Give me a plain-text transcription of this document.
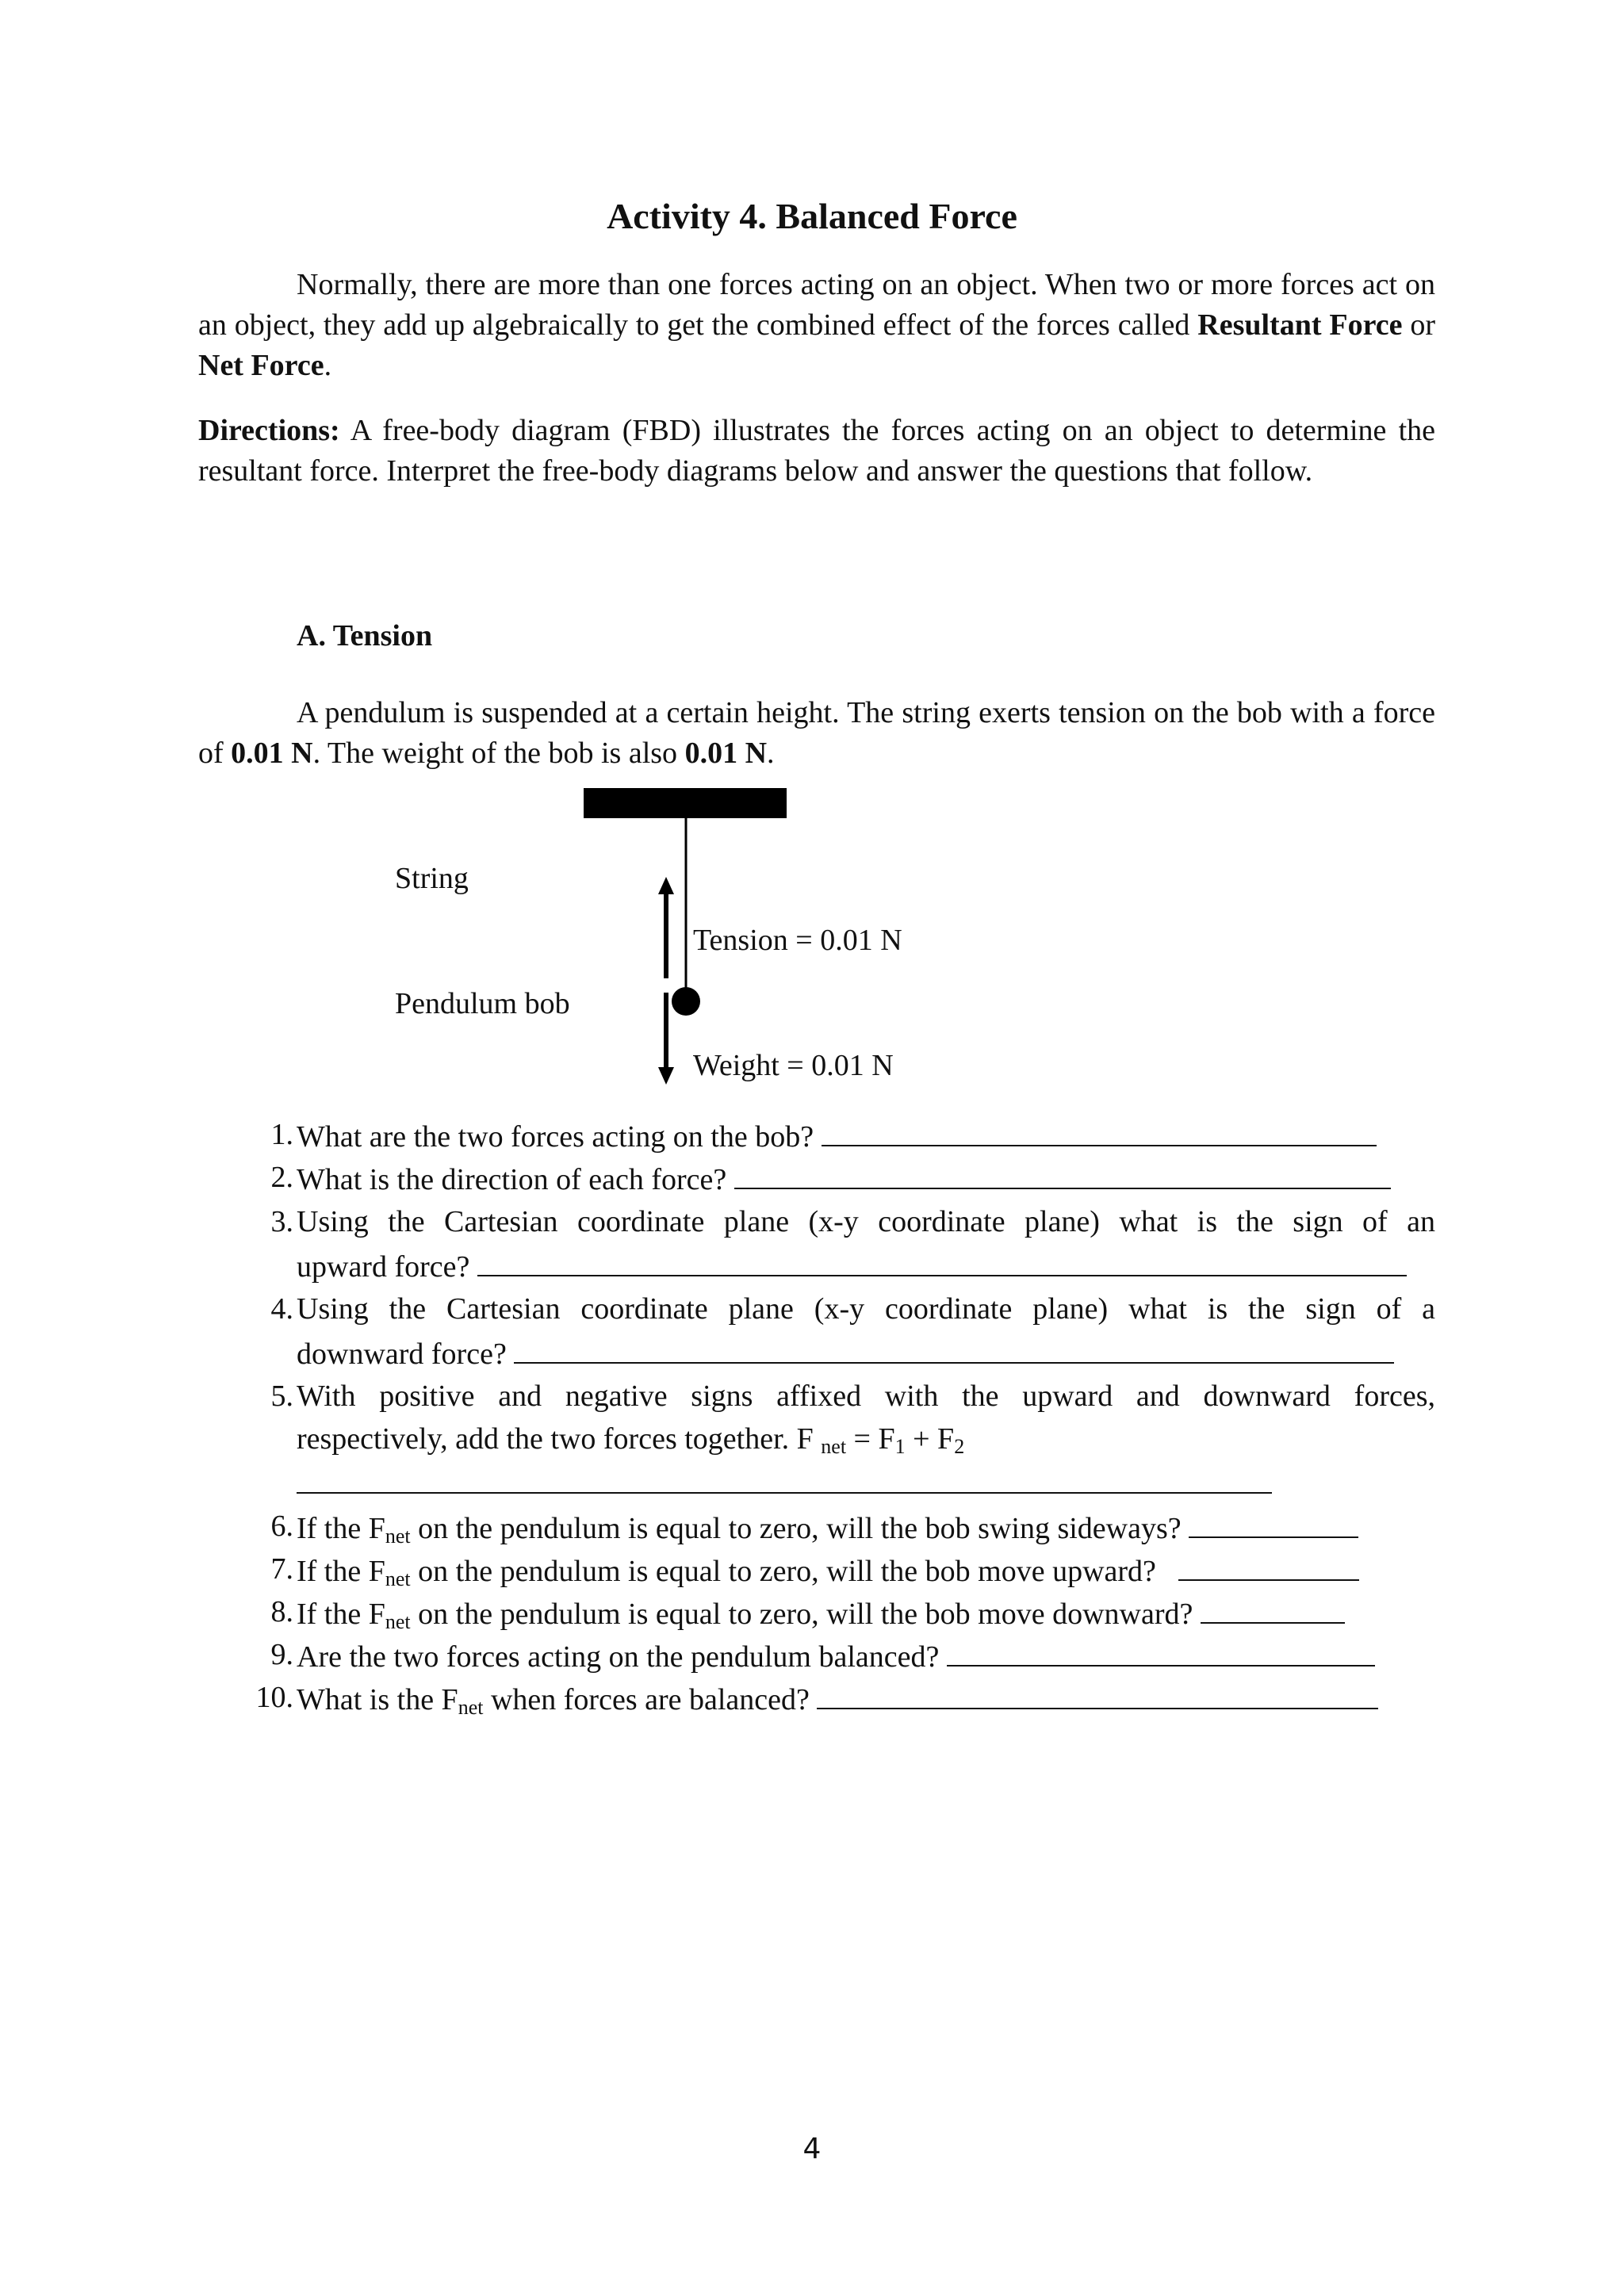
Activity 4. Balanced Force
Normally, there are more than one forces acting on an object. When two or more forces act on an object, they add up algebraically to get the combined effect of the forces called Resultant Force or Net Force.
Directions: A free-body diagram (FBD) illustrates the forces acting on an object to determine the resultant force. Interpret the free-body diagrams below and answer the questions that follow.
A. Tension
A pendulum is suspended at a certain height. The string exerts tension on the bob with a force of 0.01 N. The weight of the bob is also 0.01 N.
String
Pendulum bob
Tension = 0.01 N
Weight = 0.01 N
1. What are the two forces acting on the bob?
2. What is the direction of each force?
3. Using the Cartesian coordinate plane (x-y coordinate plane) what is the sign of an
upward force?
4. Using the Cartesian coordinate plane (x-y coordinate plane) what is the sign of a
downward force?
5. With positive and negative signs affixed with the upward and downward forces,
respectively, add the two forces together. F $_{net} = F_1 + F_2$
6. If the $F_{net}$ on the pendulum is equal to zero, will the bob swing sideways?
7. If the $F_{net}$ on the pendulum is equal to zero, will the bob move upward?
8. If the $F_{net}$ on the pendulum is equal to zero, will the bob move downward?
9. Are the two forces acting on the pendulum balanced?
10. What is the $F_{net}$ when forces are balanced?
4
